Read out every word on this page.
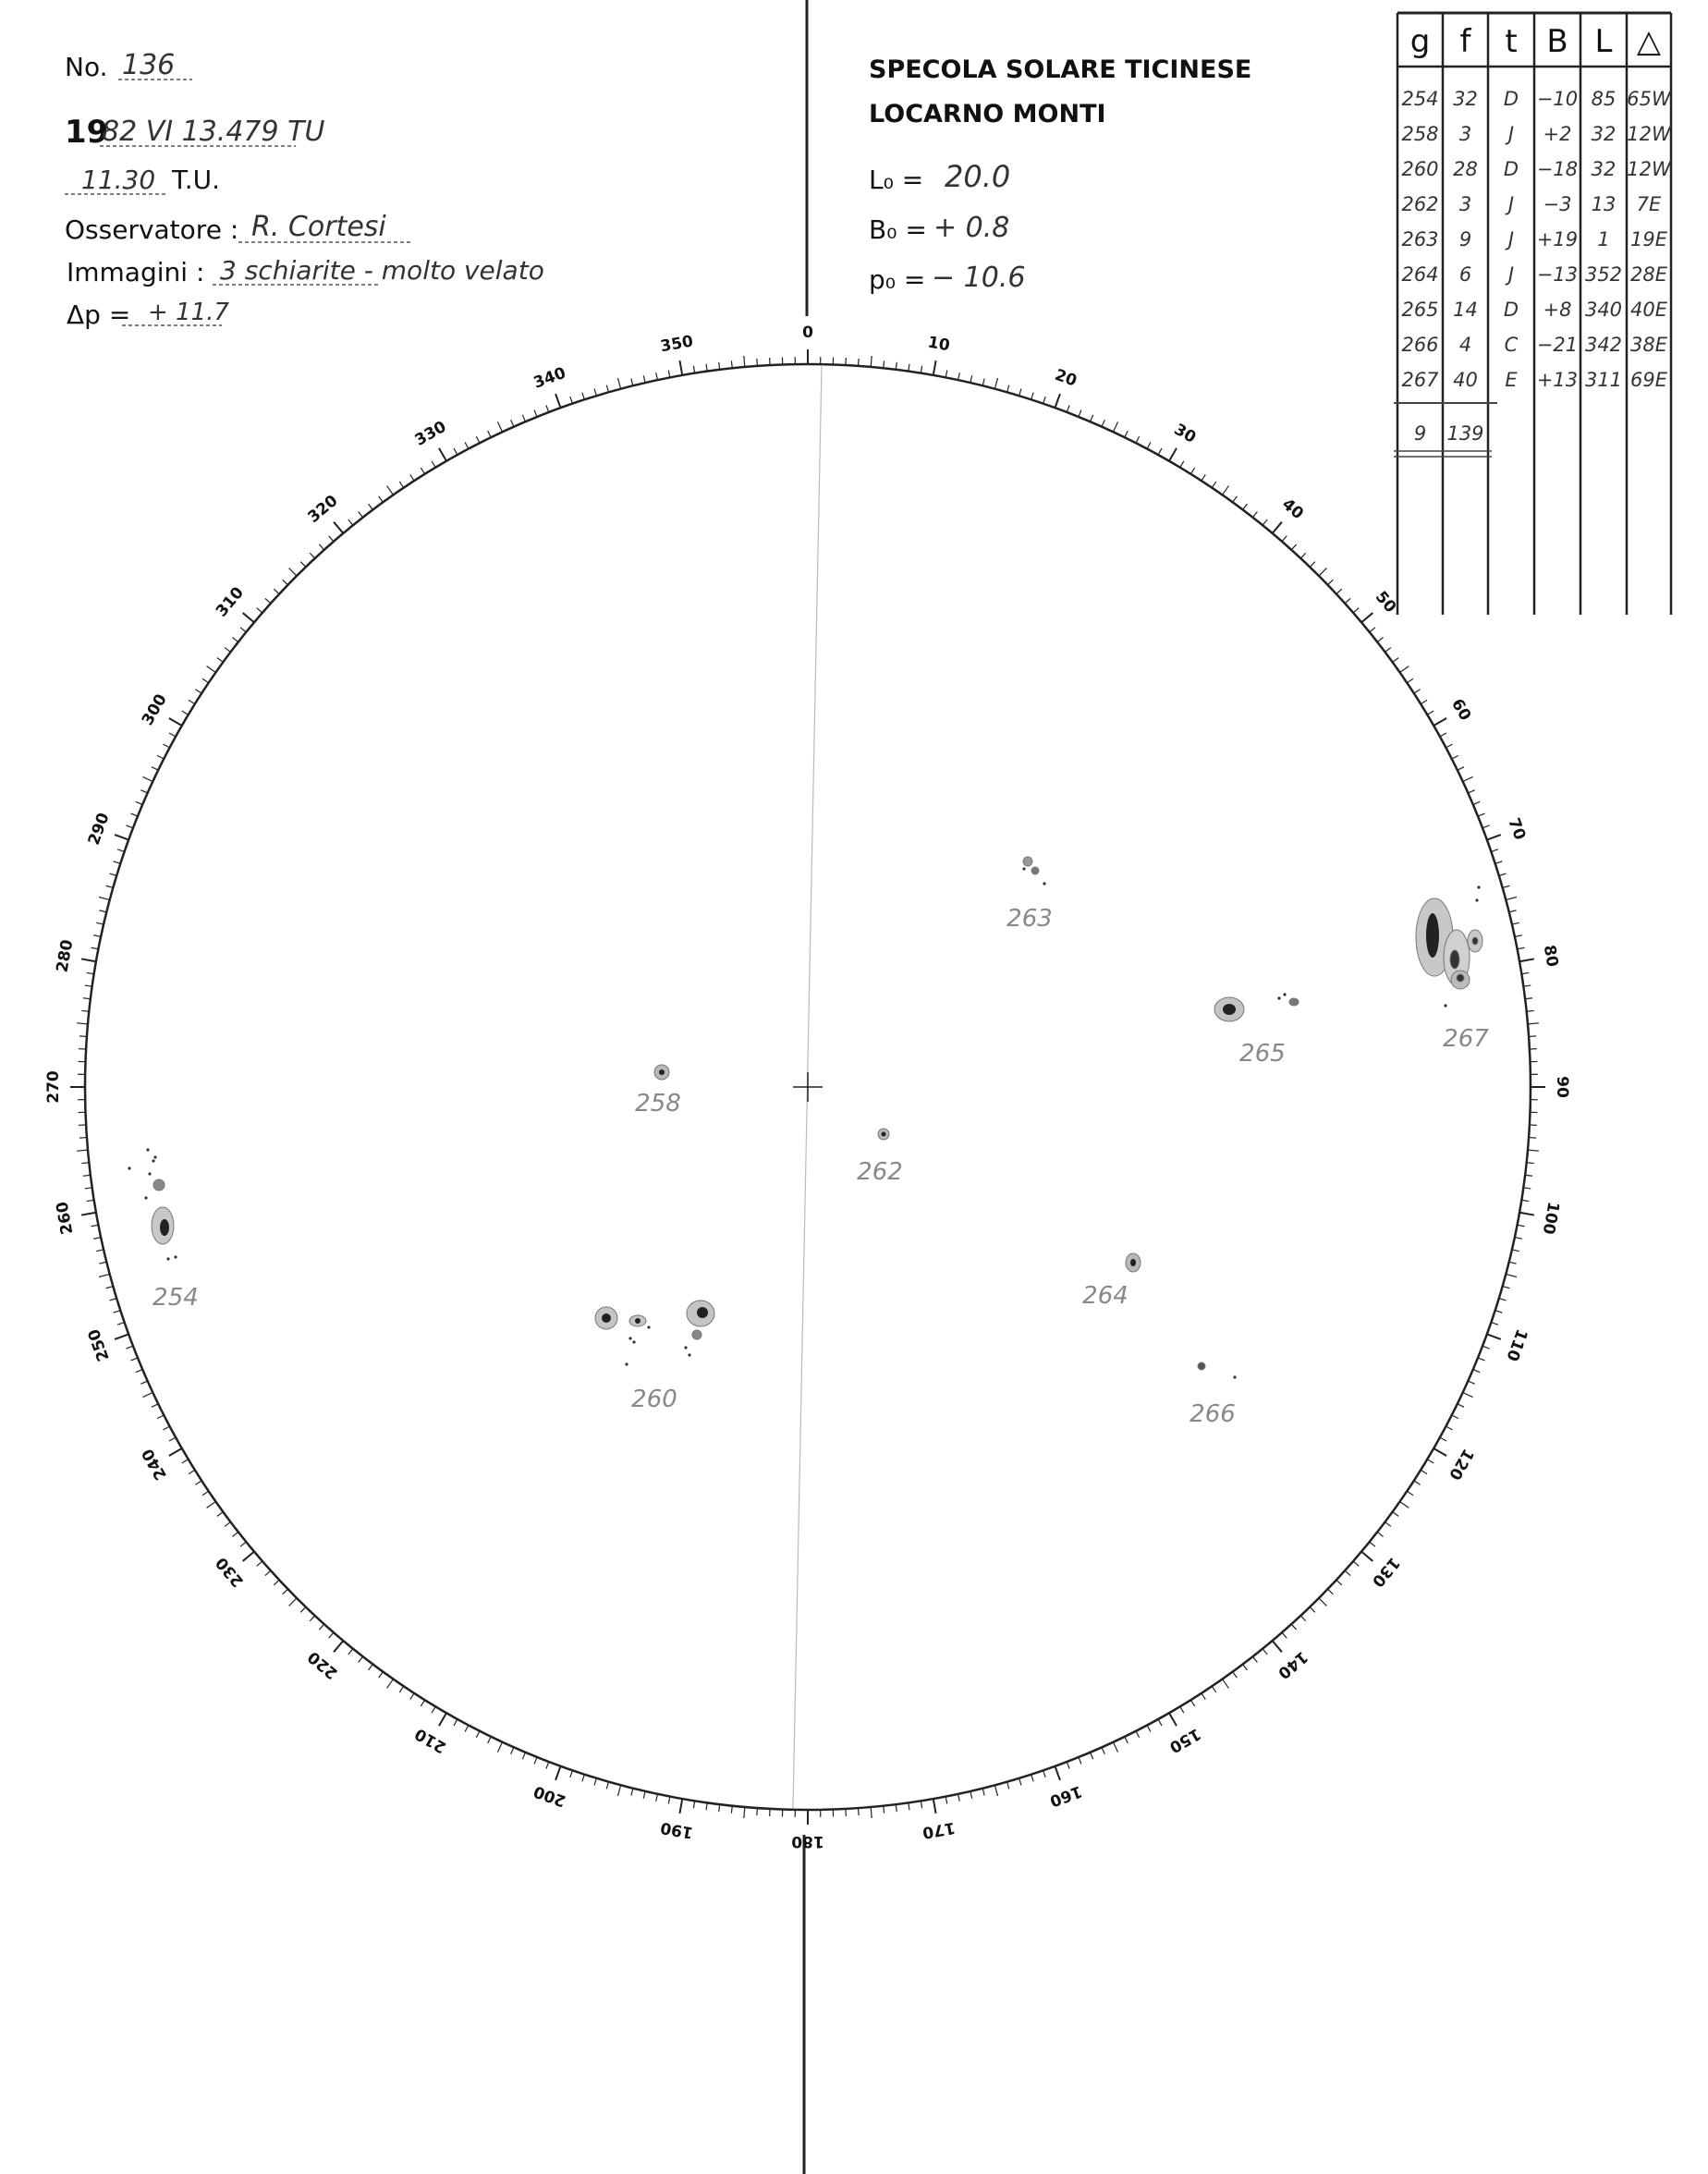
No. 136
19
82 VI 13.479 TU
11.30 T.U.
Osservatore : R. Cortesi
Immagini : 3 schiarite - molto velato
Δp = + 11.7
SPECOLA SOLARE TICINESE
LOCARNO MONTI
L₀ = 20.0
B₀ = + 0.8
p₀ = − 10.6
g f t B L △
254 32 D −10 85 65W
258 3 J +2 32 12W
260 28 D −18 32 12W
262 3 J −3 13 7E
263 9 J +19 1 19E
264 6 J −13 352 28E
265 14 D +8 340 40E
266 4 C −21 342 38E
267 40 E +13 311 69E
9 139
0
10
20
30
40
50
60
70
80
90
100
110
120
130
140
150
160
170
180
190
200
210
220
230
240
250
260
270
280
290
300
310
320
330
340
350
254
258
260
262
263
264
265
266
267
